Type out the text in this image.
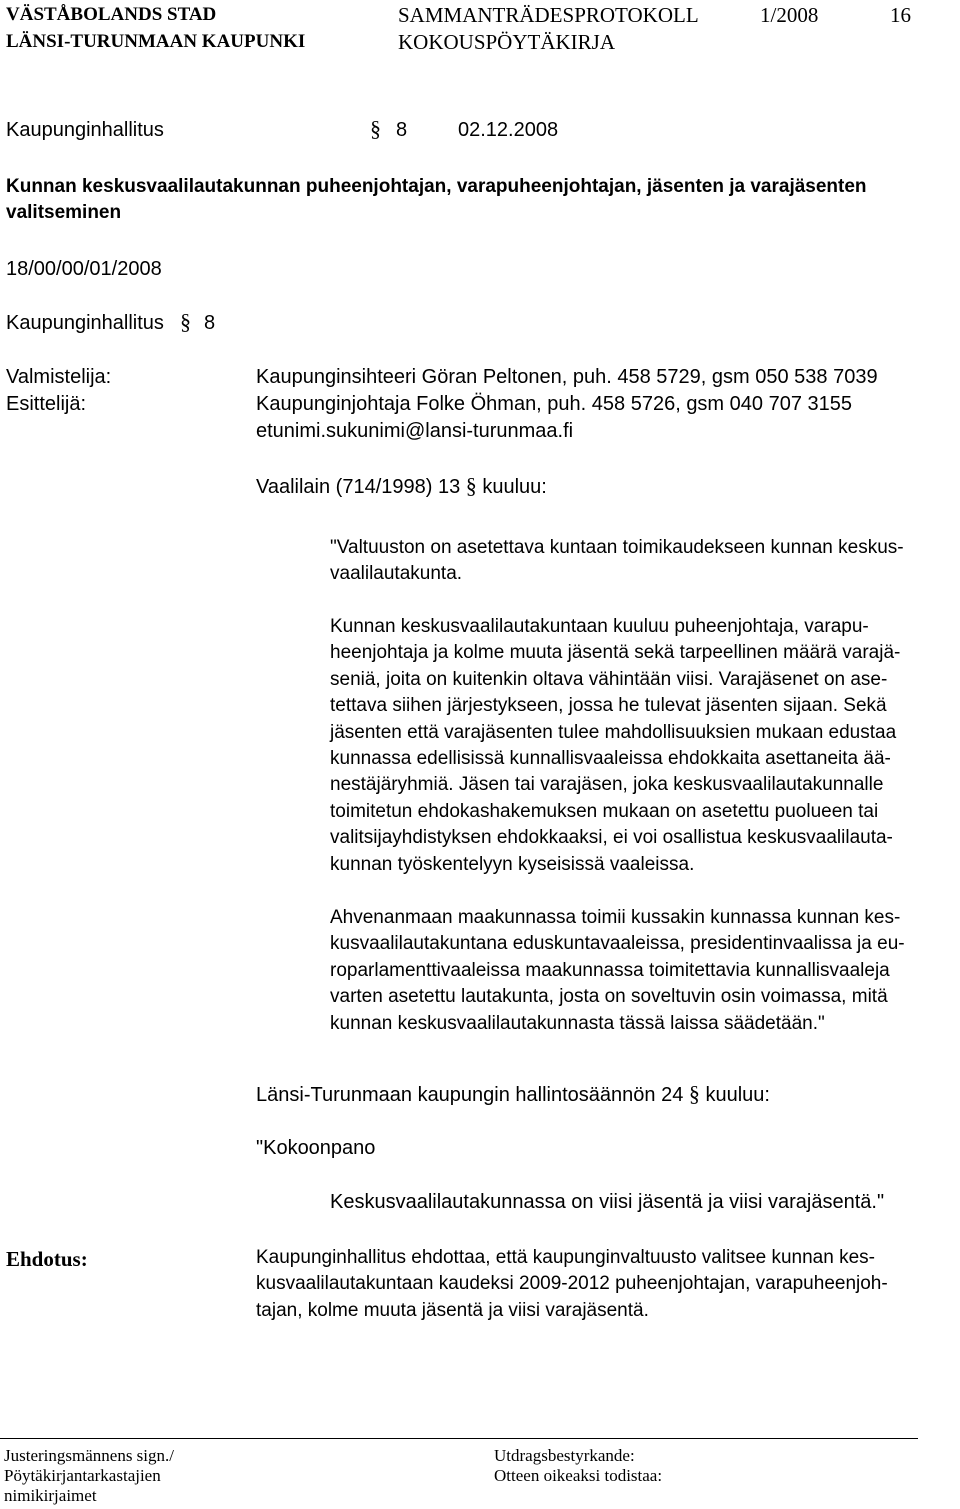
VÄSTÅBOLANDS STAD
LÄNSI-TURUNMAAN KAUPUNKI
SAMMANTRÄDESPROTOKOLL
KOKOUSPÖYTÄKIRJA
1/2008	16
Kaupunginhallitus	§ 8	02.12.2008
Kunnan keskusvaalilautakunnan puheenjohtajan, varapuheenjohtajan, jäsenten ja varajäsenten
valitseminen
18/00/00/01/2008
Kaupunginhallitus § 8
Valmistelija:	Kaupunginsihteeri Göran Peltonen, puh. 458 5729, gsm 050 538 7039
Esittelijä:	Kaupunginjohtaja Folke Öhman, puh. 458 5726, gsm 040 707 3155
etunimi.sukunimi@lansi-turunmaa.fi
Vaalilain (714/1998) 13 § kuuluu:
"Valtuuston on asetettava kuntaan toimikaudekseen kunnan keskus-
vaalilautakunta.
Kunnan keskusvaalilautakuntaan kuuluu puheenjohtaja, varapu-
heenjohtaja ja kolme muuta jäsentä sekä tarpeellinen määrä varajä-
seniä, joita on kuitenkin oltava vähintään viisi. Varajäsenet on ase-
tettava siihen järjestykseen, jossa he tulevat jäsenten sijaan. Sekä
jäsenten että varajäsenten tulee mahdollisuuksien mukaan edustaa
kunnassa edellisissä kunnallisvaaleissa ehdokkaita asettaneita ää-
nestäjäryhmiä. Jäsen tai varajäsen, joka keskusvaalilautakunnalle
toimitetun ehdokashakemuksen mukaan on asetettu puolueen tai
valitsijayhdistyksen ehdokkaaksi, ei voi osallistua keskusvaalilauta-
kunnan työskentelyyn kyseisissä vaaleissa.
Ahvenanmaan maakunnassa toimii kussakin kunnassa kunnan kes-
kusvaalilautakuntana eduskuntavaaleissa, presidentinvaalissa ja eu-
roparlamenttivaaleissa maakunnassa toimitettavia kunnallisvaaleja
varten asetettu lautakunta, josta on soveltuvin osin voimassa, mitä
kunnan keskusvaalilautakunnasta tässä laissa säädetään."
Länsi-Turunmaan kaupungin hallintosäännön 24 § kuuluu:
"Kokoonpano
Keskusvaalilautakunnassa on viisi jäsentä ja viisi varajäsentä."
Ehdotus:	Kaupunginhallitus ehdottaa, että kaupunginvaltuusto valitsee kunnan kes-
kusvaalilautakuntaan kaudeksi 2009-2012 puheenjohtajan, varapuheenjoh-
tajan, kolme muuta jäsentä ja viisi varajäsentä.
Justeringsmännens sign./
Pöytäkirjantarkastajien
nimikirjaimet
Utdragsbestyrkande:
Otteen oikeaksi todistaa:
